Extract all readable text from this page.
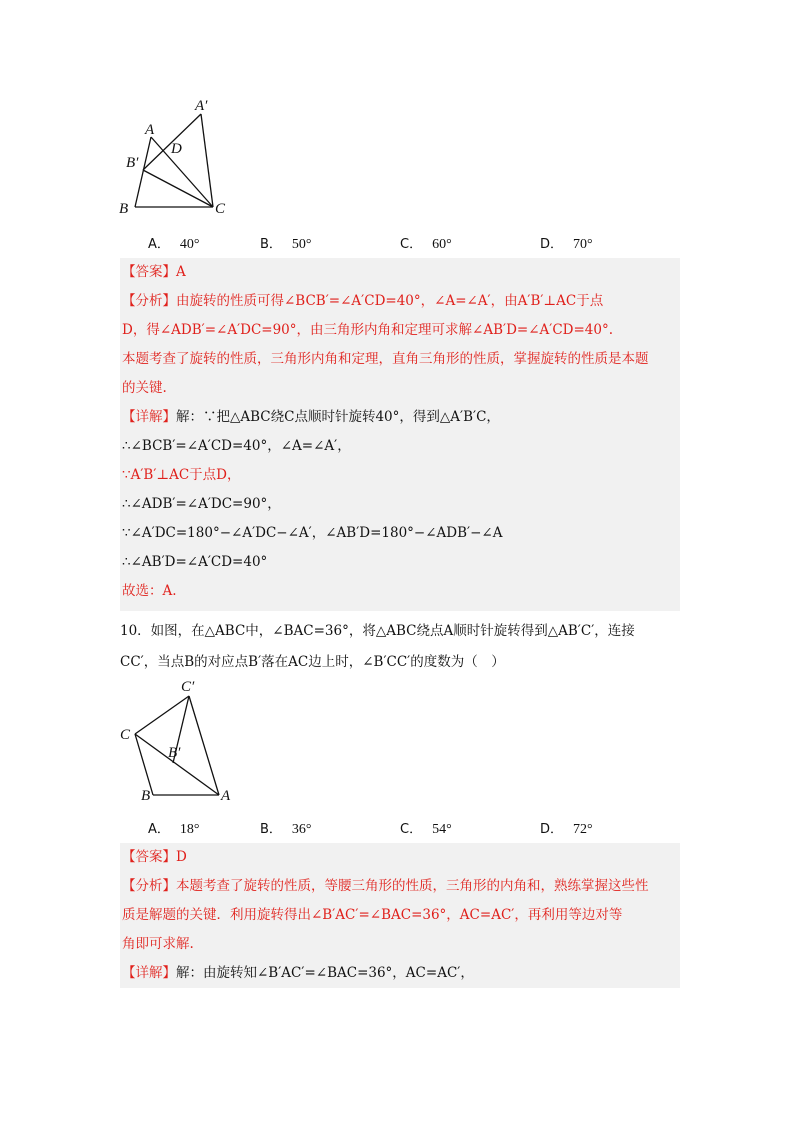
A′
A
D
B′
B	C
A． 40°	B． 50°	C． 60°	D． 70°
【答案】A
【分析】由旋转的性质可得∠BCB′=∠A′CD=40°，∠A=∠A′，由A′B′⊥AC于点
D，得∠ADB′=∠A′DC=90°，由三角形内角和定理可求解∠AB′D=∠A′CD=40°.
本题考查了旋转的性质，三角形内角和定理，直角三角形的性质，掌握旋转的性质是本题
的关键.
【详解】解：∵把△ABC绕C点顺时针旋转40°，得到△A′B′C，
∴∠BCB′=∠A′CD=40°，∠A=∠A′，
∵A′B′⊥AC于点D，
∴∠ADB′=∠A′DC=90°，
∵∠A′DC=180°−∠A′DC−∠A′，∠AB′D=180°−∠ADB′−∠A
∴∠AB′D=∠A′CD=40°
故选：A.
10．如图，在△ABC中，∠BAC=36°，将△ABC绕点A顺时针旋转得到△AB′C′，连接
CC′，当点B的对应点B′落在AC边上时，∠B′CC′的度数为（　）
C′
C
B′
B	A
A． 18°	B． 36°	C． 54°	D． 72°
【答案】D
【分析】本题考查了旋转的性质，等腰三角形的性质，三角形的内角和，熟练掌握这些性
质是解题的关键．利用旋转得出∠B′AC′=∠BAC=36°，AC=AC′，再利用等边对等
角即可求解.
【详解】解：由旋转知∠B′AC′=∠BAC=36°，AC=AC′，
